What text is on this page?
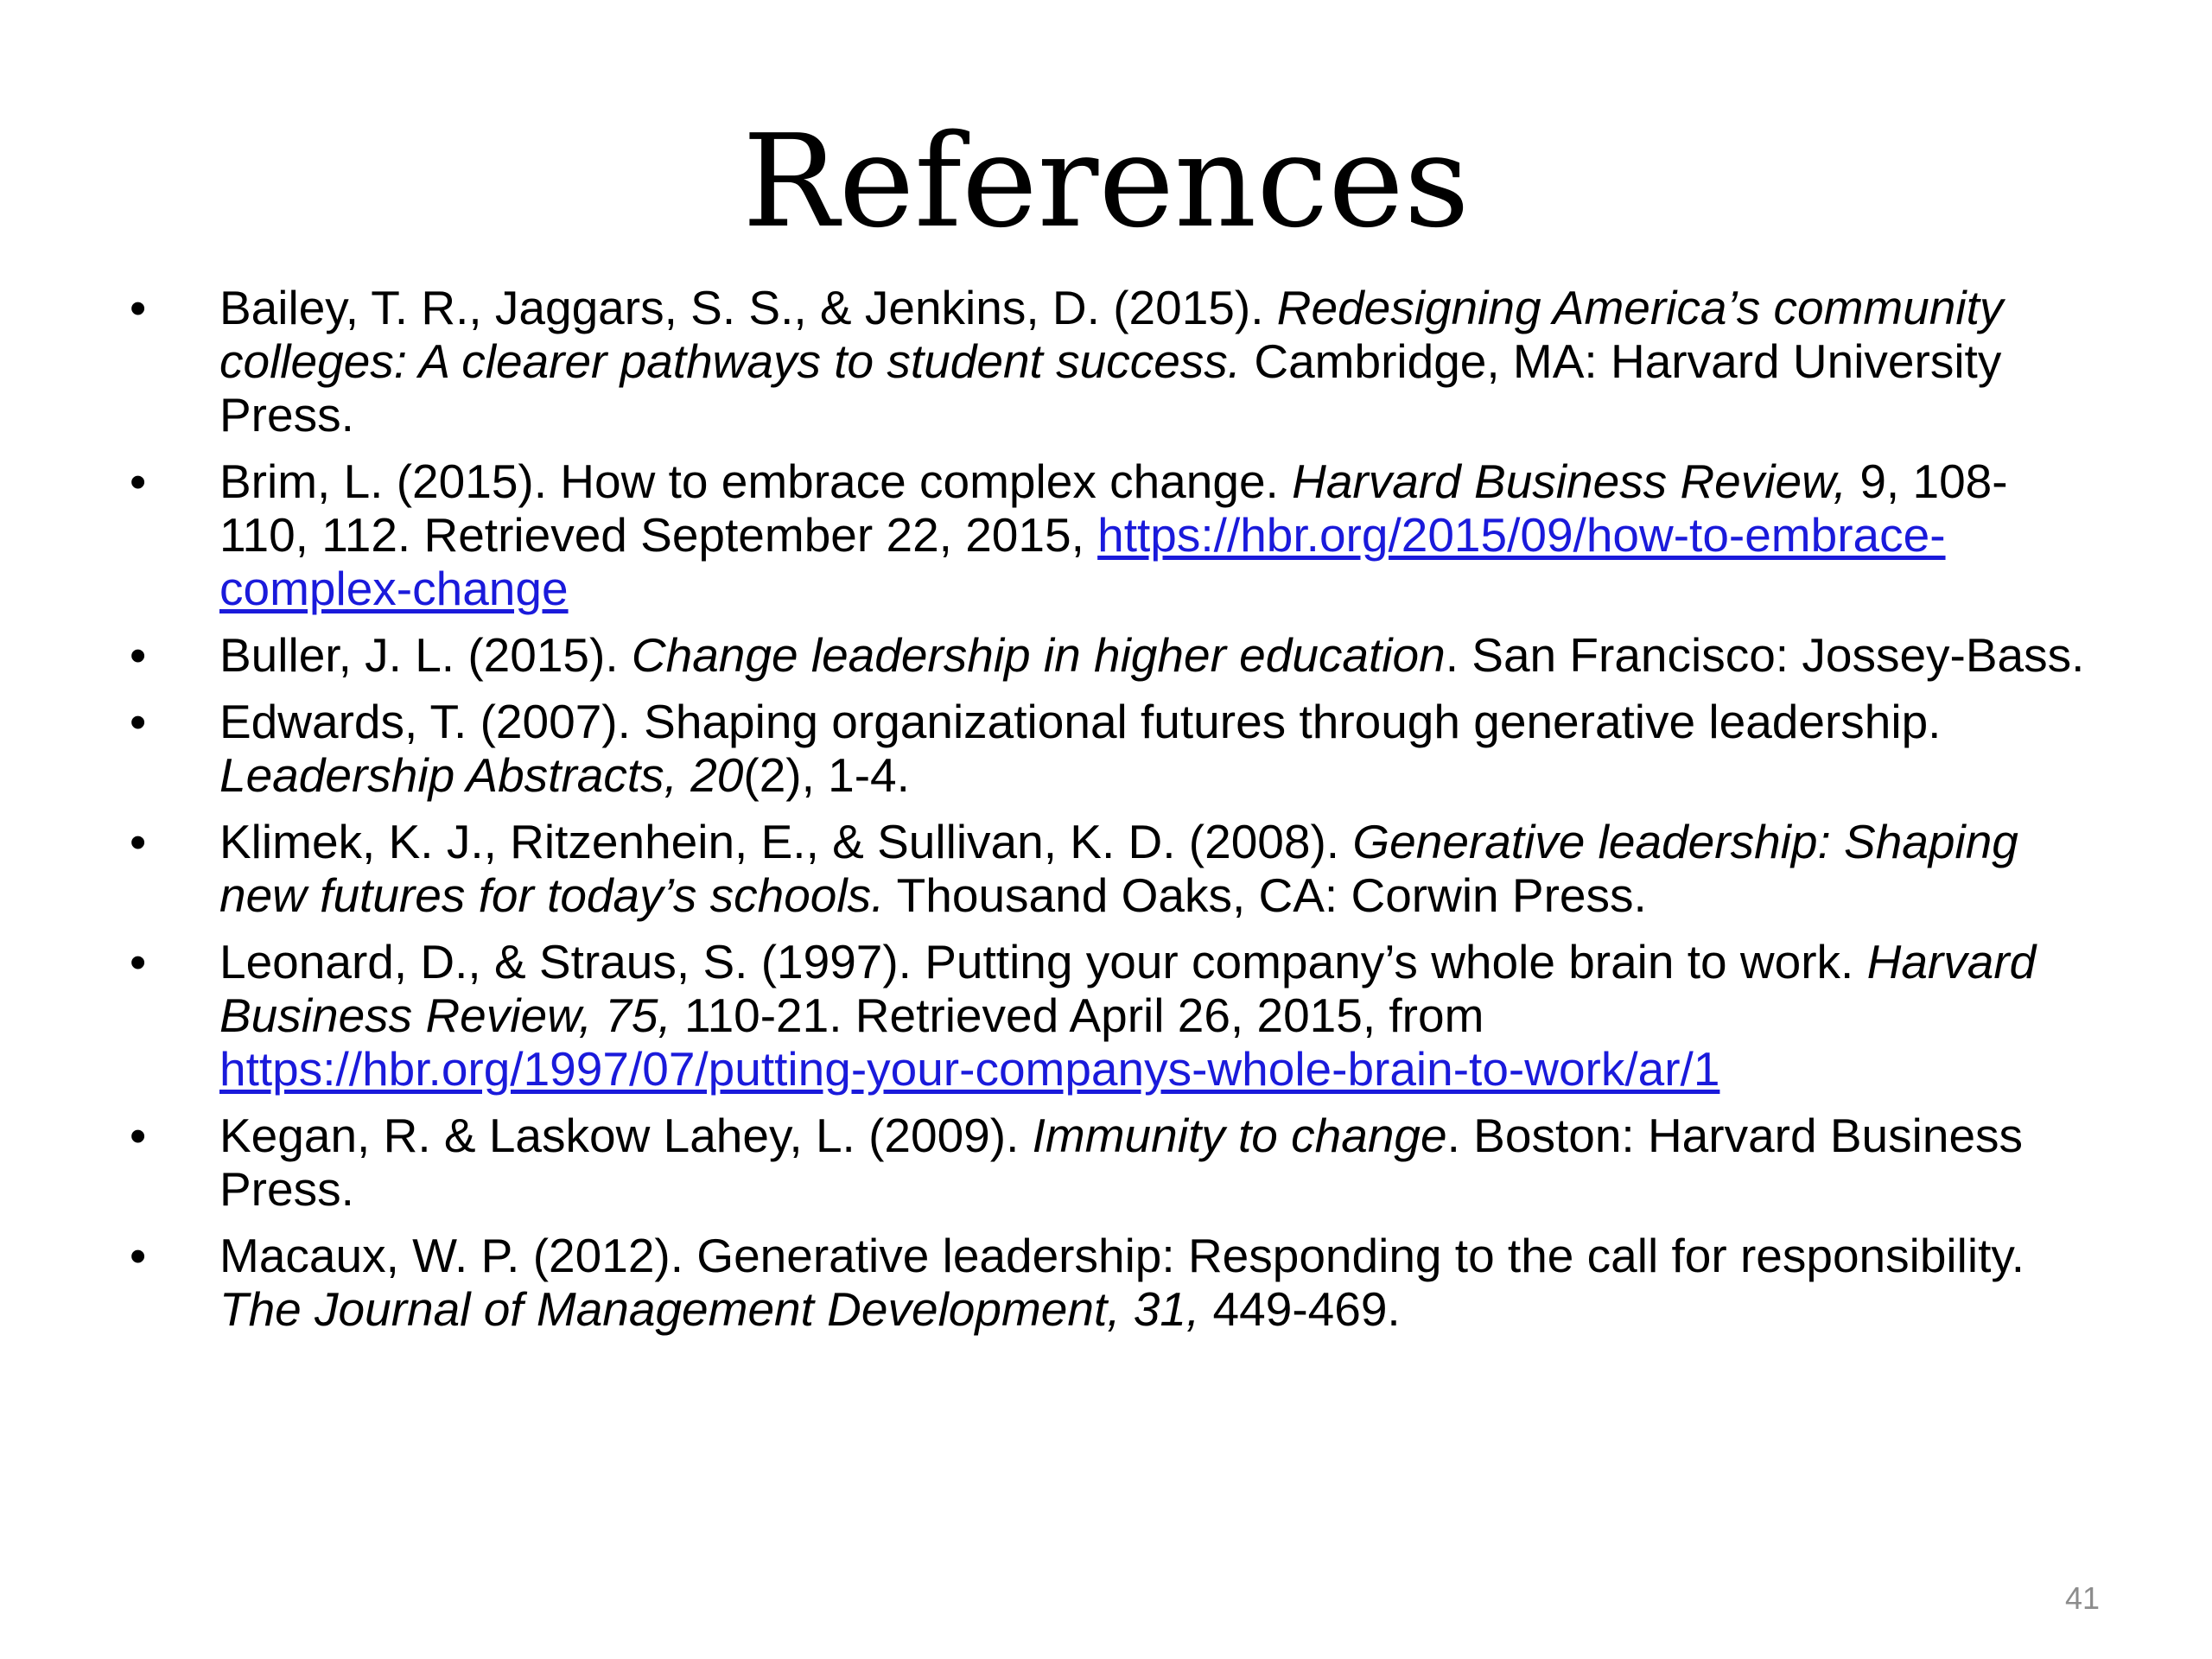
References
•	Bailey, T. R., Jaggars, S. S., & Jenkins, D. (2015). Redesigning America’s community colleges: A clearer pathways to student success. Cambridge, MA: Harvard University Press.
•	Brim, L. (2015). How to embrace complex change. Harvard Business Review, 9, 108-110, 112. Retrieved September 22, 2015, https://hbr.org/2015/09/how-to-embrace-complex-change
•	Buller, J. L. (2015). Change leadership in higher education. San Francisco: Jossey-Bass.
•	Edwards, T. (2007). Shaping organizational futures through generative leadership. Leadership Abstracts, 20(2), 1-4.
•	Klimek, K. J., Ritzenhein, E., & Sullivan, K. D. (2008). Generative leadership: Shaping new futures for today’s schools. Thousand Oaks, CA: Corwin Press.
•	Leonard, D., & Straus, S. (1997). Putting your company’s whole brain to work. Harvard Business Review, 75, 110-21. Retrieved April 26, 2015, from https://hbr.org/1997/07/putting-your-companys-whole-brain-to-work/ar/1
•	Kegan, R. & Laskow Lahey, L. (2009). Immunity to change. Boston: Harvard Business Press.
•	Macaux, W. P. (2012). Generative leadership: Responding to the call for responsibility. The Journal of Management Development, 31, 449-469.
41
